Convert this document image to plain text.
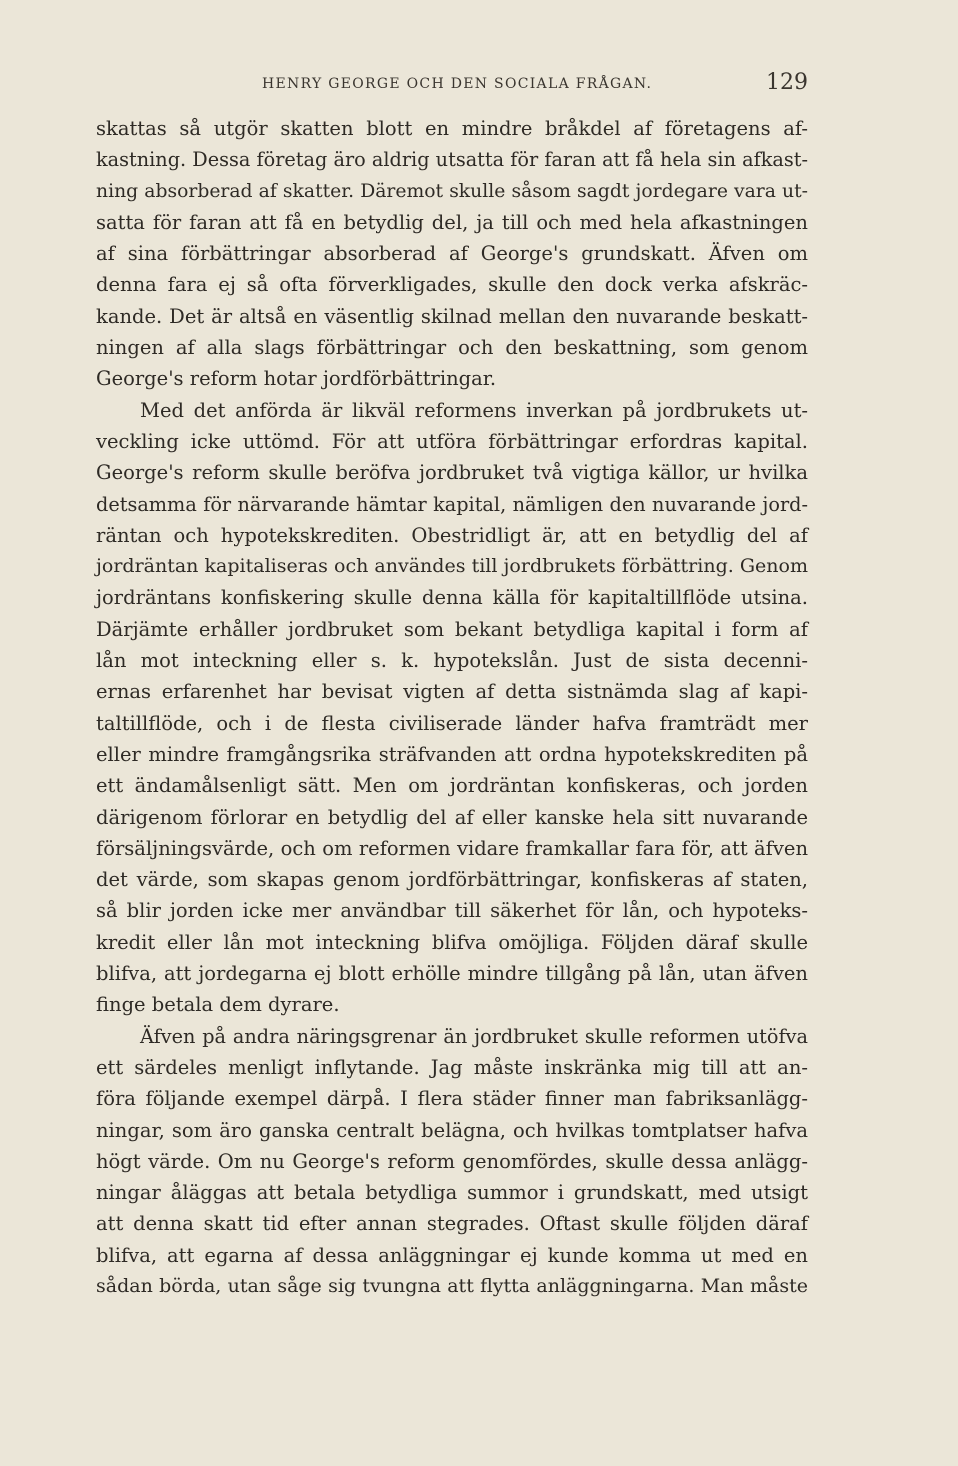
HENRY GEORGE OCH DEN SOCIALA FRÅGAN.	129
skattas så utgör skatten blott en mindre bråkdel af företagens af-
kastning. Dessa företag äro aldrig utsatta för faran att få hela sin afkast-
ning absorberad af skatter. Däremot skulle såsom sagdt jordegare vara ut-
satta för faran att få en betydlig del, ja till och med hela afkastningen
af sina förbättringar absorberad af George's grundskatt. Äfven om
denna fara ej så ofta förverkligades, skulle den dock verka afskräc-
kande. Det är altså en väsentlig skilnad mellan den nuvarande beskatt-
ningen af alla slags förbättringar och den beskattning, som genom
George's reform hotar jordförbättringar.
Med det anförda är likväl reformens inverkan på jordbrukets ut-
veckling icke uttömd. För att utföra förbättringar erfordras kapital.
George's reform skulle beröfva jordbruket två vigtiga källor, ur hvilka
detsamma för närvarande hämtar kapital, nämligen den nuvarande jord-
räntan och hypotekskrediten. Obestridligt är, att en betydlig del af
jordräntan kapitaliseras och användes till jordbrukets förbättring. Genom
jordräntans konfiskering skulle denna källa för kapitaltillflöde utsina.
Därjämte erhåller jordbruket som bekant betydliga kapital i form af
lån mot inteckning eller s. k. hypotekslån. Just de sista decenni-
ernas erfarenhet har bevisat vigten af detta sistnämda slag af kapi-
taltillflöde, och i de flesta civiliserade länder hafva framträdt mer
eller mindre framgångsrika sträfvanden att ordna hypotekskrediten på
ett ändamålsenligt sätt. Men om jordräntan konfiskeras, och jorden
därigenom förlorar en betydlig del af eller kanske hela sitt nuvarande
försäljningsvärde, och om reformen vidare framkallar fara för, att äfven
det värde, som skapas genom jordförbättringar, konfiskeras af staten,
så blir jorden icke mer användbar till säkerhet för lån, och hypoteks-
kredit eller lån mot inteckning blifva omöjliga. Följden däraf skulle
blifva, att jordegarna ej blott erhölle mindre tillgång på lån, utan äfven
finge betala dem dyrare.
Äfven på andra näringsgrenar än jordbruket skulle reformen utöfva
ett särdeles menligt inflytande. Jag måste inskränka mig till att an-
föra följande exempel därpå. I flera städer finner man fabriksanlägg-
ningar, som äro ganska centralt belägna, och hvilkas tomtplatser hafva
högt värde. Om nu George's reform genomfördes, skulle dessa anlägg-
ningar åläggas att betala betydliga summor i grundskatt, med utsigt
att denna skatt tid efter annan stegrades. Oftast skulle följden däraf
blifva, att egarna af dessa anläggningar ej kunde komma ut med en
sådan börda, utan såge sig tvungna att flytta anläggningarna. Man måste
